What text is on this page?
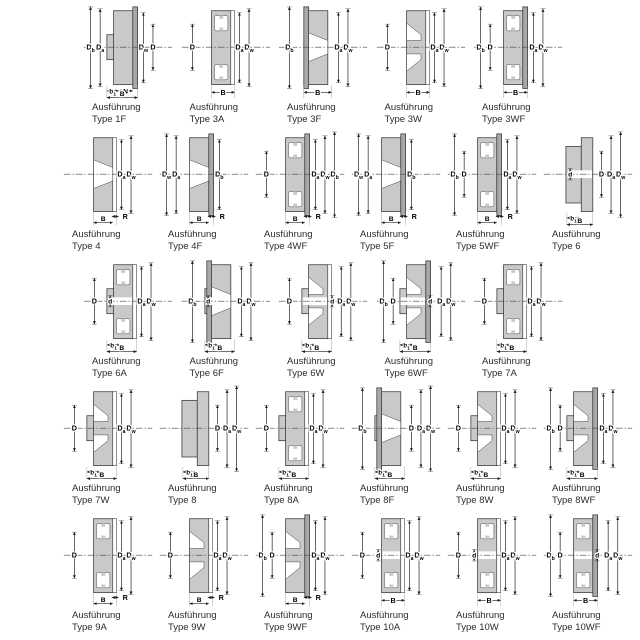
$D_b$ $D_a$	$D_w$ D
$b_1$ N
B
Ausführung
Type 1F
D	$D_a$ $D_w$
B
Ausführung
Type 3A
$D_b$	$D_a$ $D_w$
B
Ausführung
Type 3F
D	$D_a$ $D_w$
B
Ausführung
Type 3W
$D_b$ D	$D_a$ $D_w$
B
Ausführung
Type 3WF
$D_a$ $D_w$
R
B
Ausführung
Type 4
$D_w$ $D_a$	$D_b$
R
B
Ausführung
Type 4F
D	$D_a$ $D_w$ $D_b$
R
B
Ausführung
Type 4WF
$D_w$ $D_a$	$D_b$
R
B
Ausführung
Type 5F
$D_b$ D	$D_a$ $D_w$
R
B
Ausführung
Type 5WF
d	D $D_a$ $D_w$
$b_1$ B
Ausführung
Type 6
D d	$D_a$ $D_w$
$b_1$ B
Ausführung
Type 6A
$D_b$ d	$D_a$ $D_w$
$b_1$ B
Ausführung
Type 6F
D	d $D_a$ $D_w$
$b_1$ B
Ausführung
Type 6W
$D_b$ D	d $D_a$ $D_w$
$b_1$ B
Ausführung
Type 6WF
D	$D_a$ $D_w$
$b_1$ B
Ausführung
Type 7A
D	$D_a$ $D_w$
$b_1$ B
Ausführung
Type 7W
D $D_a$ $D_w$
$b_1$ B
Ausführung
Type 8
D	$D_a$ $D_w$
$b_1$ B
Ausführung
Type 8A
$D_b$	D $D_a$ $D_w$
$b_1$ B
Ausführung
Type 8F
D	$D_a$ $D_w$
$b_1$ B
Ausführung
Type 8W
$D_b$ D	$D_a$ $D_w$
$b_1$ B
Ausführung
Type 8WF
D	$D_a$ $D_w$
R
B
Ausführung
Type 9A
D	$D_a$ $D_w$
R
B
Ausführung
Type 9W
$D_b$ D	$D_a$ $D_w$
R
B
Ausführung
Type 9WF
D d	$D_a$ $D_w$
B
Ausführung
Type 10A
D d	$D_a$ $D_w$
B
Ausführung
Type 10W
$D_b$ D	d $D_a$ $D_w$
B
Ausführung
Type 10WF
